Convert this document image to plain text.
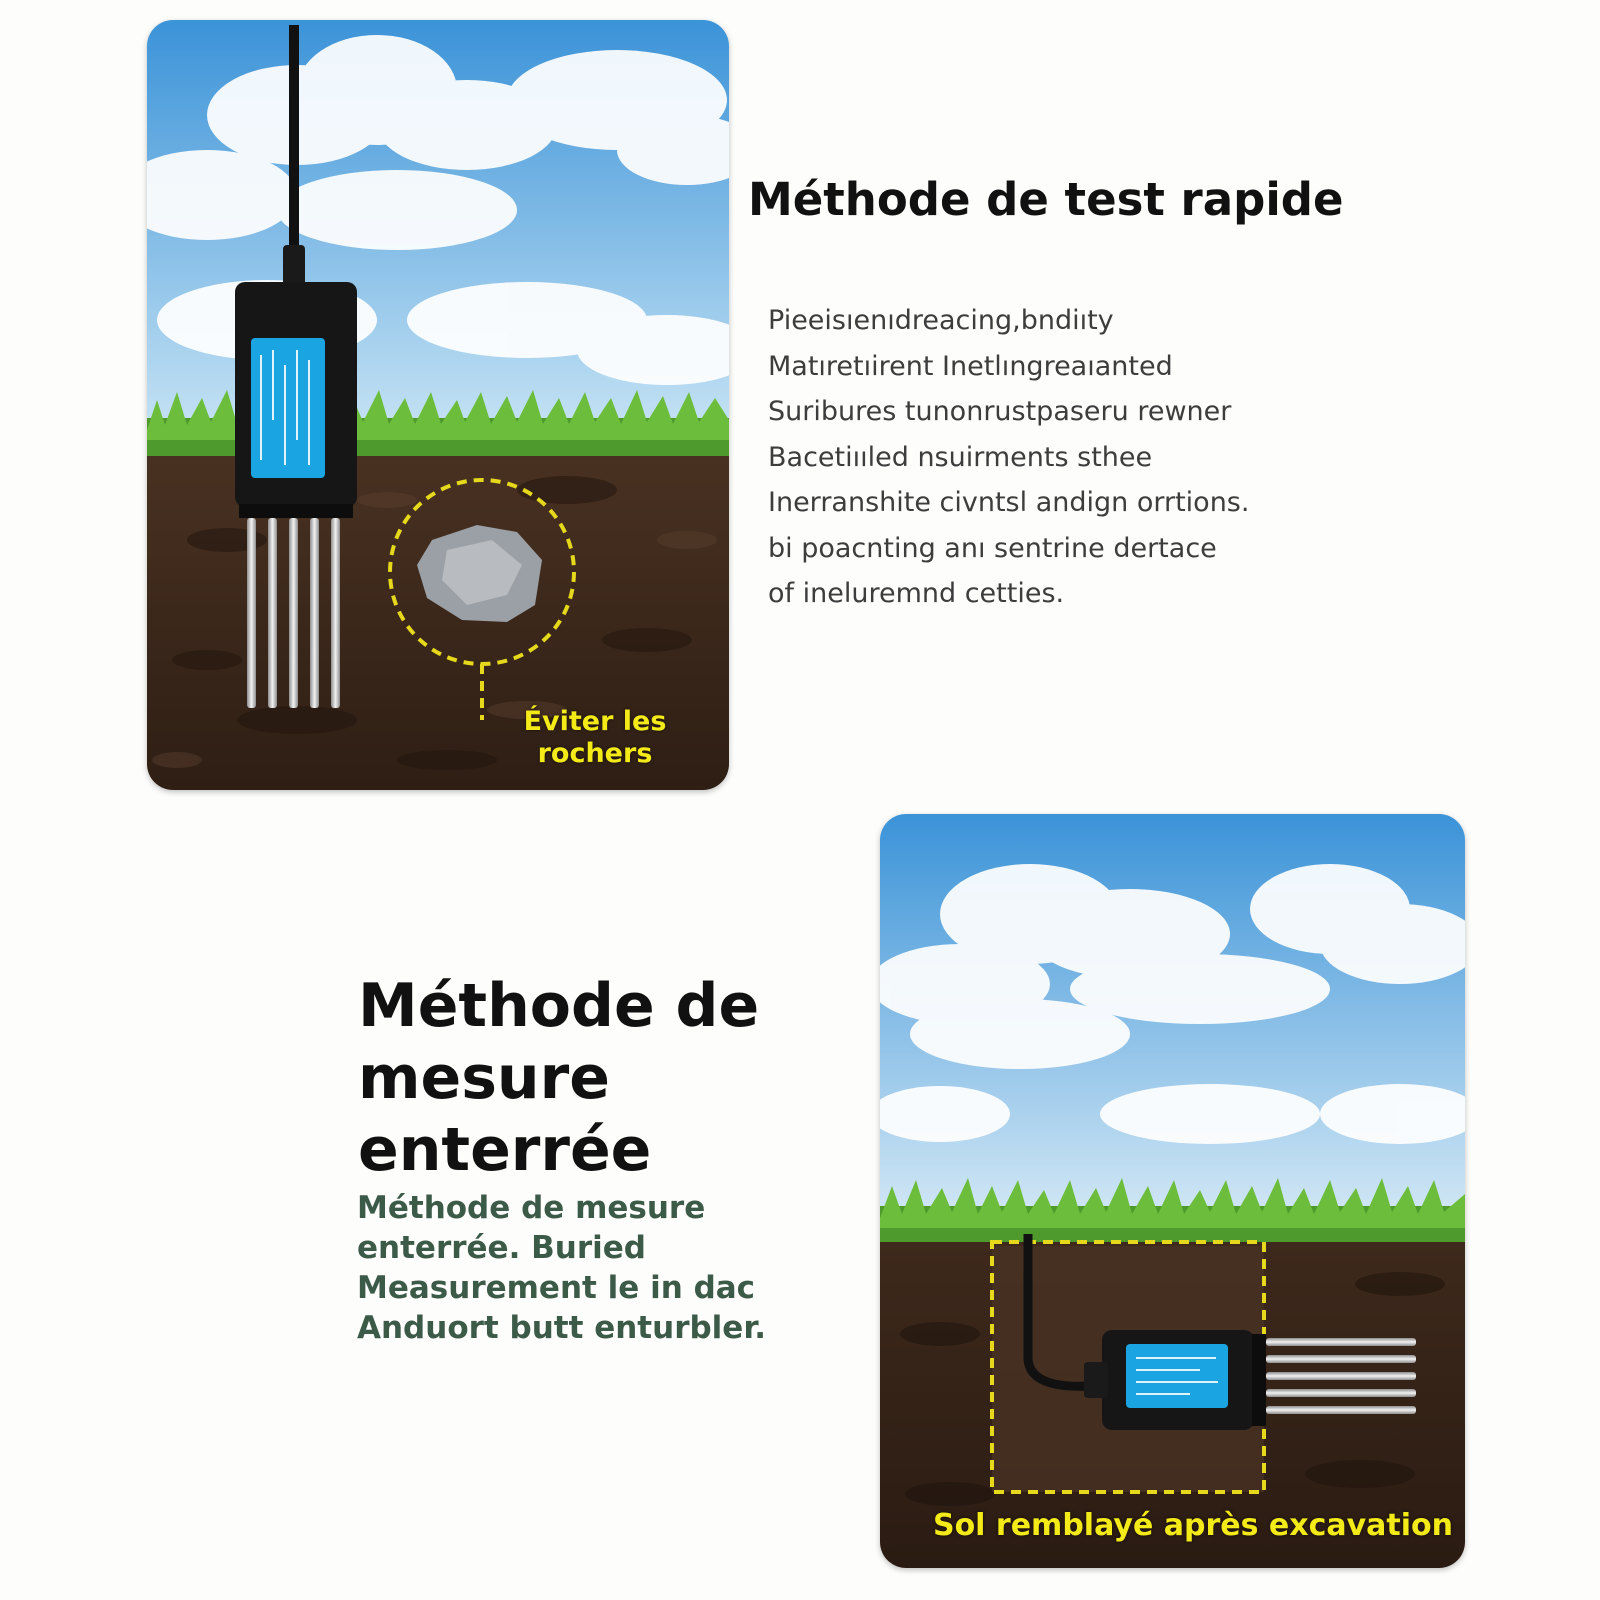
Éviter les rochers
Méthode de test rapide
Pieeisıenıdreacing,bndiıty
Matıretıirent Inetlıngreaıanted
Suribures tunonrustpaseru rewner
Bacetiııled nsuirments sthee
Inerranshite civntsl andign orrtions.
bi poacnting anı sentrine dertace
of ineluremnd cetties.
Méthode de mesure enterrée

Méthode de mesure enterrée. Buried Measurement le in dac Anduort butt enturbler.

Sol remblayé après excavation
